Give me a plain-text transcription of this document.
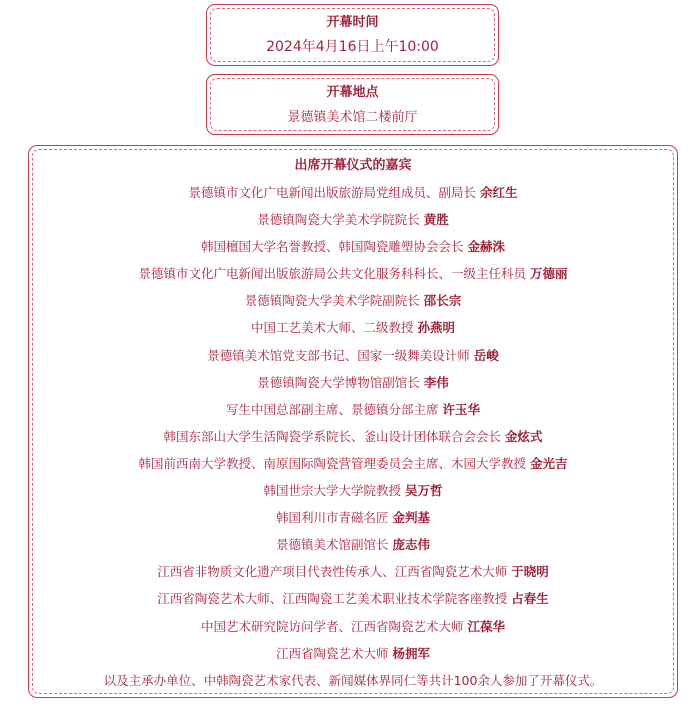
开幕时间
2024年4月16日上午10:00
开幕地点
景德镇美术馆二楼前厅
出席开幕仪式的嘉宾
景德镇市文化广电新闻出版旅游局党组成员、副局长 余红生
景德镇陶瓷大学美术学院院长 黄胜
韩国檀国大学名誉教授、韩国陶瓷雕塑协会会长 金赫洙
景德镇市文化广电新闻出版旅游局公共文化服务科科长、一级主任科员 万德丽
景德镇陶瓷大学美术学院副院长 邵长宗
中国工艺美术大师、二级教授 孙燕明
景德镇美术馆党支部书记、国家一级舞美设计师 岳峻
景德镇陶瓷大学博物馆副馆长 李伟
写生中国总部副主席、景德镇分部主席 许玉华
韩国东部山大学生活陶瓷学系院长、釜山设计团体联合会会长 金炫式
韩国前西南大学教授、南原国际陶瓷营管理委员会主席、木园大学教授 金光吉
韩国世宗大学大学院教授 吴万哲
韩国利川市青磁名匠 金判基
景德镇美术馆副馆长 庞志伟
江西省非物质文化遗产项目代表性传承人、江西省陶瓷艺术大师 于晓明
江西省陶瓷艺术大师、江西陶瓷工艺美术职业技术学院客座教授 占春生
中国艺术研究院访问学者、江西省陶瓷艺术大师 江葆华
江西省陶瓷艺术大师 杨拥军
以及主承办单位、中韩陶瓷艺术家代表、新闻媒体界同仁等共计100余人参加了开幕仪式。
